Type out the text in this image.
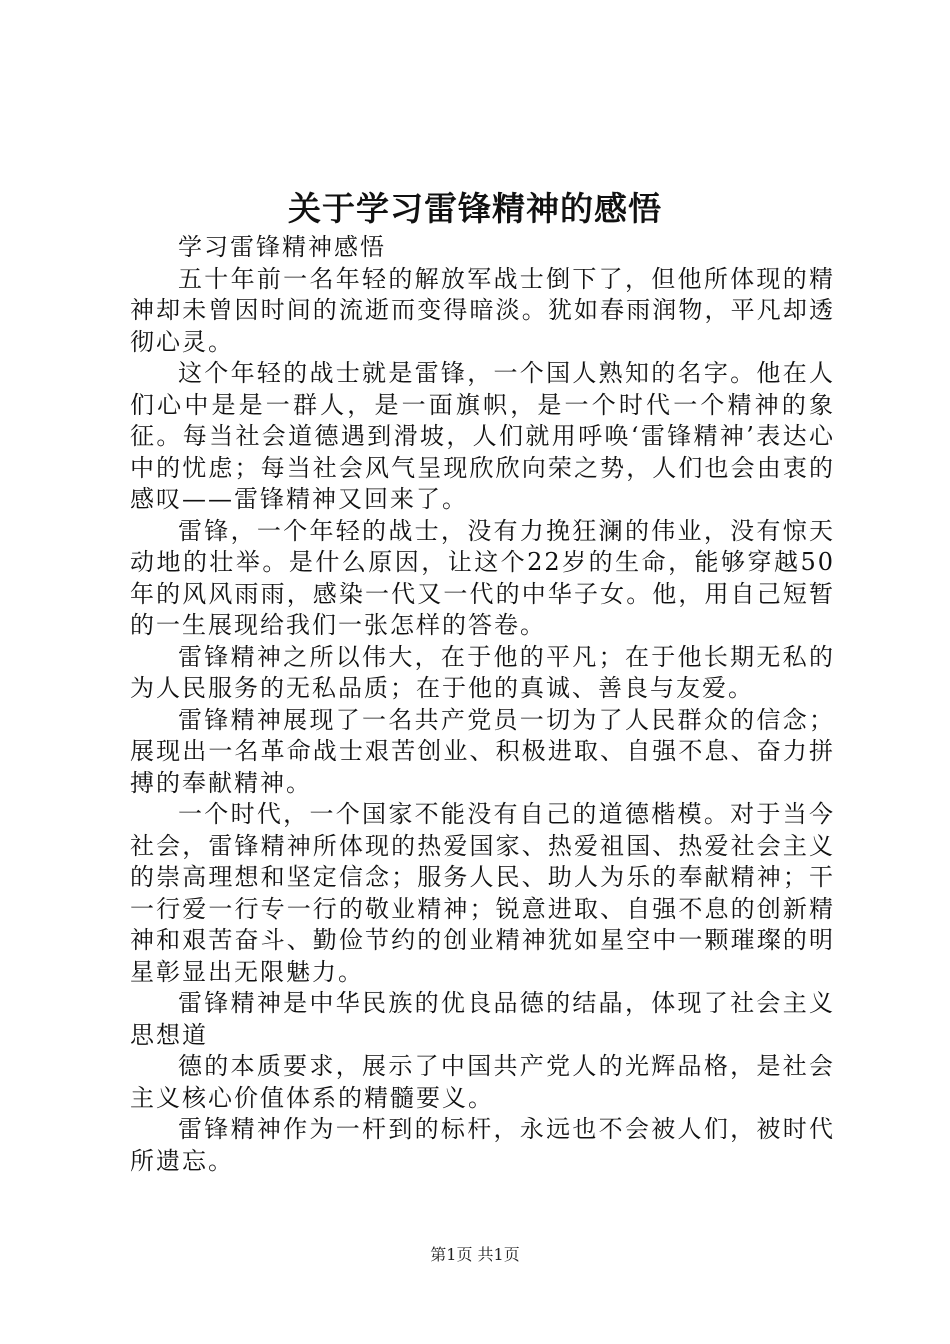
关于学习雷锋精神的感悟

学习雷锋精神感悟

五十年前一名年轻的解放军战士倒下了，但他所体现的精神却未曾因时间的流逝而变得暗淡。犹如春雨润物，平凡却透彻心灵。

这个年轻的战士就是雷锋，一个国人熟知的名字。他在人们心中是是一群人，是一面旗帜，是一个时代一个精神的象征。每当社会道德遇到滑坡，人们就用呼唤‘雷锋精神’表达心中的忧虑；每当社会风气呈现欣欣向荣之势，人们也会由衷的感叹——雷锋精神又回来了。

雷锋，一个年轻的战士，没有力挽狂澜的伟业，没有惊天动地的壮举。是什么原因，让这个22岁的生命，能够穿越50年的风风雨雨，感染一代又一代的中华子女。他，用自己短暂的一生展现给我们一张怎样的答卷。

雷锋精神之所以伟大，在于他的平凡；在于他长期无私的为人民服务的无私品质；在于他的真诚、善良与友爱。

雷锋精神展现了一名共产党员一切为了人民群众的信念；展现出一名革命战士艰苦创业、积极进取、自强不息、奋力拼搏的奉献精神。

一个时代，一个国家不能没有自己的道德楷模。对于当今社会，雷锋精神所体现的热爱国家、热爱祖国、热爱社会主义的崇高理想和坚定信念；服务人民、助人为乐的奉献精神；干一行爱一行专一行的敬业精神；锐意进取、自强不息的创新精神和艰苦奋斗、勤俭节约的创业精神犹如星空中一颗璀璨的明星彰显出无限魅力。

雷锋精神是中华民族的优良品德的结晶，体现了社会主义思想道

德的本质要求，展示了中国共产党人的光辉品格，是社会主义核心价值体系的精髓要义。

雷锋精神作为一杆到的标杆，永远也不会被人们，被时代所遗忘。

第1页 共1页
